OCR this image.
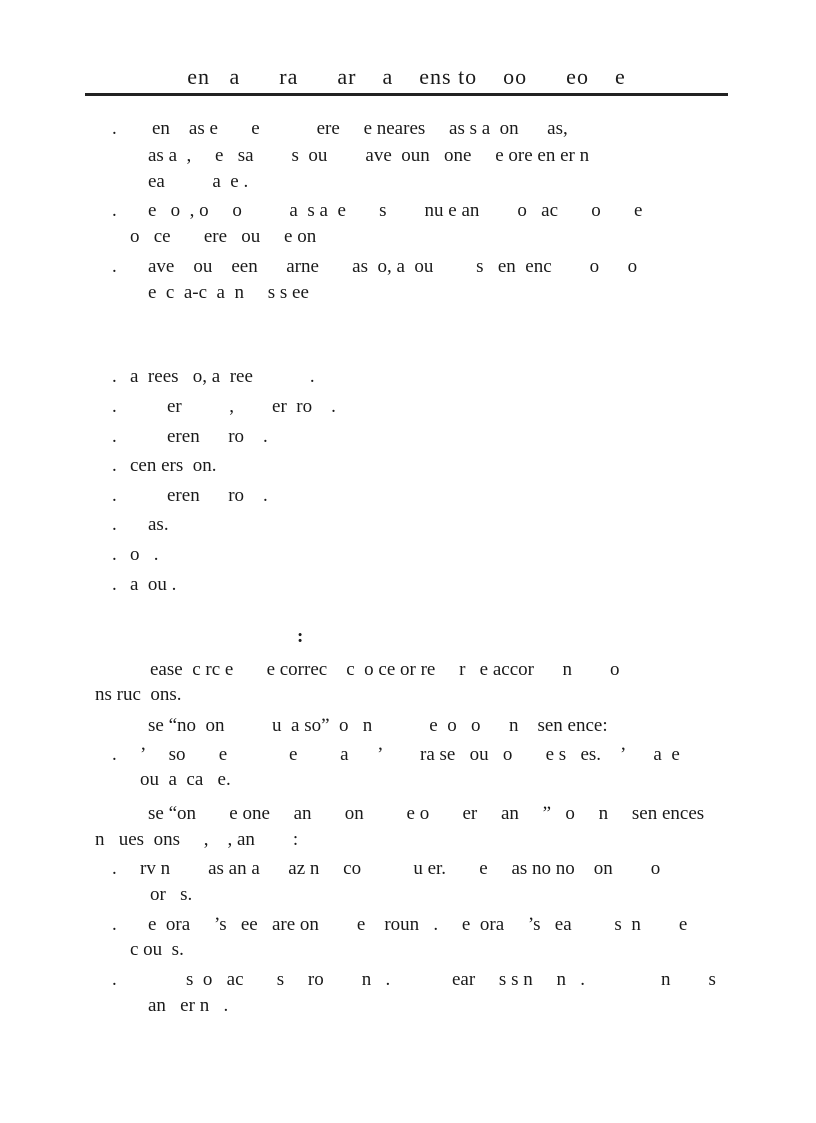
en   a      ra      ar    a    ens to    oo      eo    e
. en    as e       e            ere     e neares     as s a  on      as,
as a  ,     e   sa        s  ou        ave  oun   one     e ore en er n
ea          a  e .
. e   o  , o     o          a  s a  e       s        nu e an        o   ac       o       e
o   ce       ere   ou     e on
. ave    ou    een      arne       as  o, a  ou         s   en  enc        o      o
e  c  a-c  a  n     s s ee
. a  rees   o, a  ree            .
.	er          ,        er  ro    .
.	eren      ro    .
. cen ers  on.
.	eren      ro    .
. as.
. o   .
. a  ou .
:
ease  c rc e       e correc    c  o ce or re     r   e accor      n        o
ns ruc  ons.
se “no  on          u  a so”  o   n            e  o   o      n    sen ence:
. ’     so       e             e         a      ’        ra se   ou   o       e s   es.    ’      a  e
ou  a  ca   e.
se “on       e one     an       on         e o       er     an     ”   o     n     sen ences
n   ues  ons     ,    , an        :
. rv n        as an a      az n     co           u er.       e     as no no    on        o
or   s.
. e  ora     ’s   ee   are on        e    roun   .     e  ora     ’s   ea         s  n        e
c ou  s.
.	s  o   ac       s     ro        n   .             ear     s s n     n   .                n        s
an   er n   .
